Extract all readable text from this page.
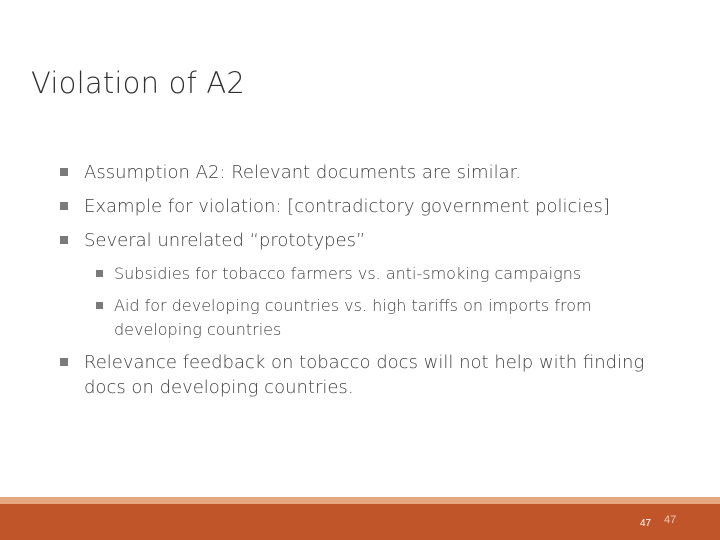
Violation of A2
Assumption A2: Relevant documents are similar.
Example for violation: [contradictory government policies]
Several unrelated “prototypes”
Subsidies for tobacco farmers vs. anti-smoking campaigns
Aid for developing countries vs. high tariffs on imports from developing countries
Relevance feedback on tobacco docs will not help with finding docs on developing countries.
47 47
